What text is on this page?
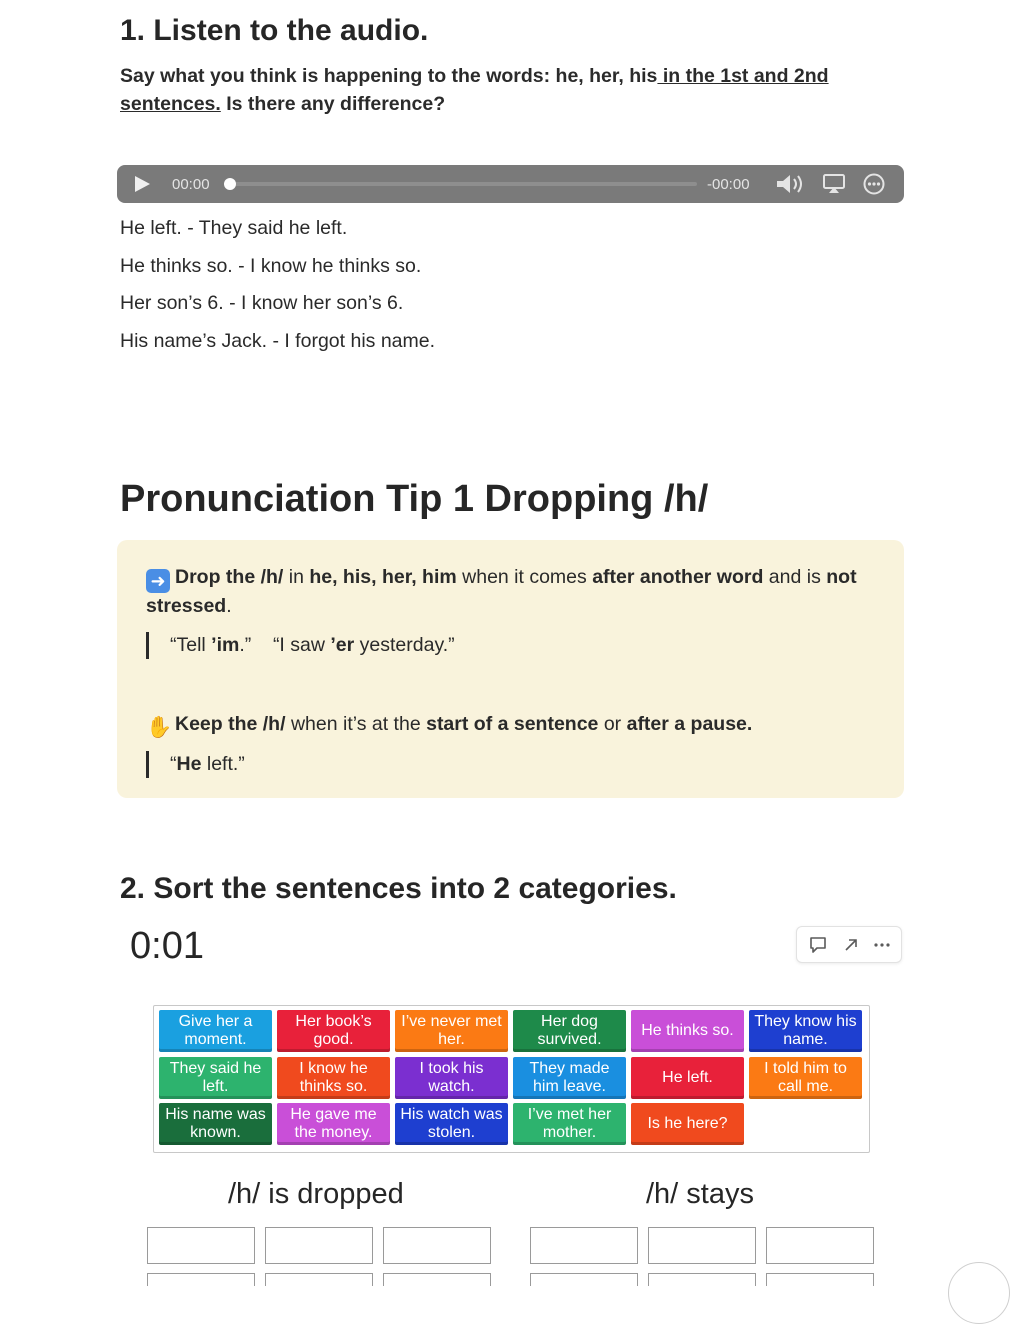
1. Listen to the audio.
Say what you think is happening to the words: he, her, his in the 1st and 2nd sentences. Is there any difference?
00:00	-00:00
He left. - They said he left.
He thinks so. - I know he thinks so.
Her son’s 6. - I know her son’s 6.
His name’s Jack. - I forgot his name.
Pronunciation Tip 1 Dropping /h/
➜ Drop the /h/ in he, his, her, him when it comes after another word and is not stressed.
“Tell ’im.”    “I saw ’er yesterday.”
✋ Keep the /h/ when it’s at the start of a sentence or after a pause.
“He left.”
2. Sort the sentences into 2 categories.
0:01
Give her a moment.
Her book’s good.
I’ve never met her.
Her dog survived.
He thinks so.
They know his name.
They said he left.
I know he thinks so.
I took his watch.
They made him leave.
He left.
I told him to call me.
His name was known.
He gave me the money.
His watch was stolen.
I’ve met her mother.
Is he here?
/h/ is dropped	/h/ stays
